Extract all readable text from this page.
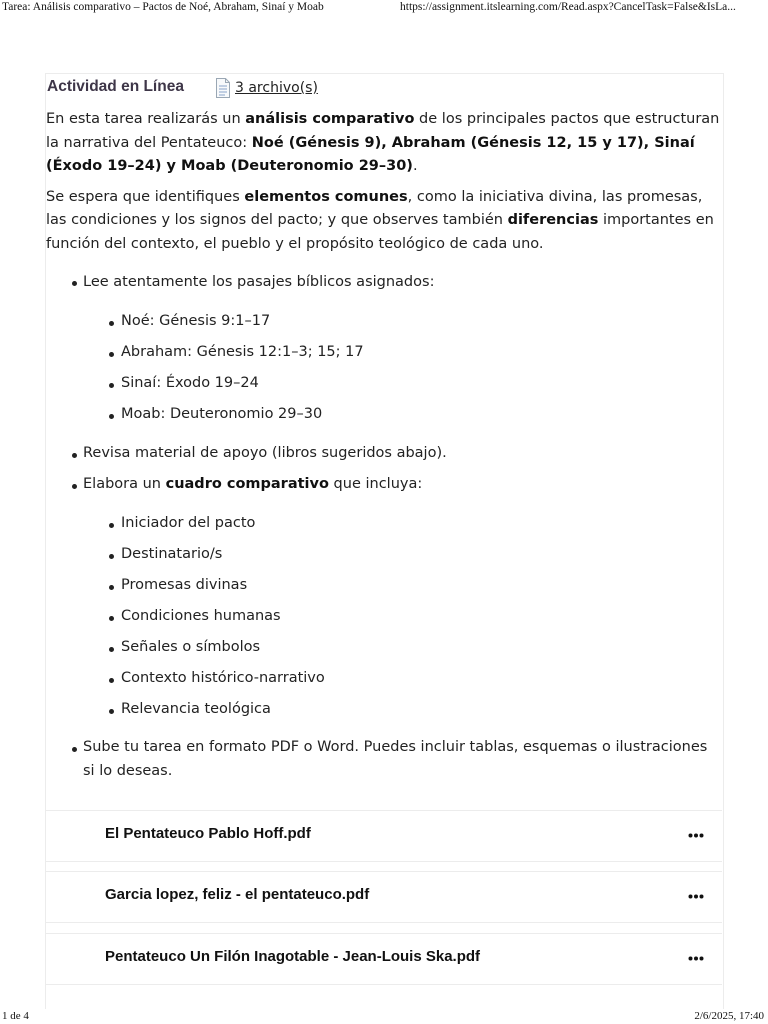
Tarea: Análisis comparativo – Pactos de Noé, Abraham, Sinaí y Moab	https://assignment.itslearning.com/Read.aspx?CancelTask=False&IsLa...
Actividad en Línea	3 archivo(s)

En esta tarea realizarás un análisis comparativo de los principales pactos que estructuran la narrativa del Pentateuco: Noé (Génesis 9), Abraham (Génesis 12, 15 y 17), Sinaí (Éxodo 19–24) y Moab (Deuteronomio 29–30).

Se espera que identifiques elementos comunes, como la iniciativa divina, las promesas, las condiciones y los signos del pacto; y que observes también diferencias importantes en función del contexto, el pueblo y el propósito teológico de cada uno.

Lee atentamente los pasajes bíblicos asignados:
Noé: Génesis 9:1–17
Abraham: Génesis 12:1–3; 15; 17
Sinaí: Éxodo 19–24
Moab: Deuteronomio 29–30
Revisa material de apoyo (libros sugeridos abajo).
Elabora un cuadro comparativo que incluya:
Iniciador del pacto
Destinatario/s
Promesas divinas
Condiciones humanas
Señales o símbolos
Contexto histórico-narrativo
Relevancia teológica
Sube tu tarea en formato PDF o Word. Puedes incluir tablas, esquemas o ilustraciones
si lo deseas.
El Pentateuco Pablo Hoff.pdf
Garcia lopez, feliz - el pentateuco.pdf
Pentateuco Un Filón Inagotable - Jean-Louis Ska.pdf
1 de 4	2/6/2025, 17:40
